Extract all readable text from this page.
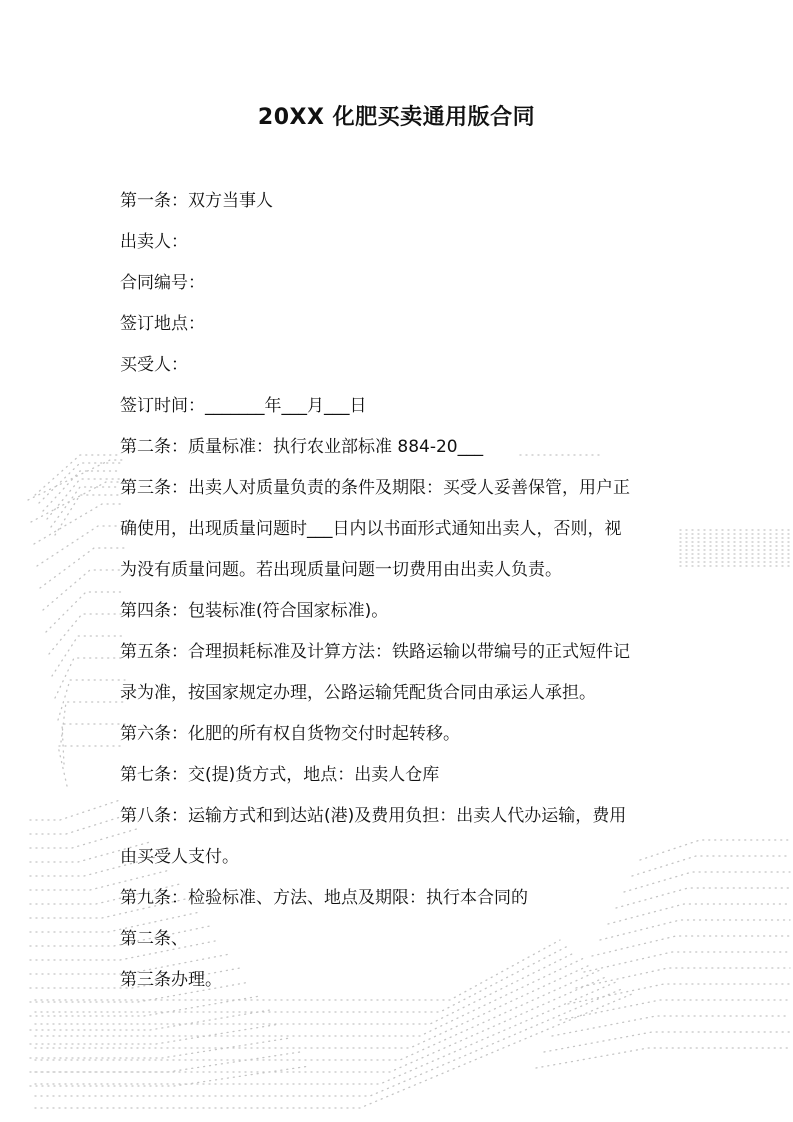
20XX 化肥买卖通用版合同
第一条：双方当事人
出卖人：
合同编号：
签订地点：
买受人：
签订时间：_______年___月___日
第二条：质量标准：执行农业部标准 884-20___
第三条：出卖人对质量负责的条件及期限：买受人妥善保管，用户正
确使用，出现质量问题时___日内以书面形式通知出卖人，否则，视
为没有质量问题。若出现质量问题一切费用由出卖人负责。
第四条：包装标准(符合国家标准)。
第五条：合理损耗标准及计算方法：铁路运输以带编号的正式短件记
录为准，按国家规定办理，公路运输凭配货合同由承运人承担。
第六条：化肥的所有权自货物交付时起转移。
第七条：交(提)货方式，地点：出卖人仓库
第八条：运输方式和到达站(港)及费用负担：出卖人代办运输，费用
由买受人支付。
第九条：检验标准、方法、地点及期限：执行本合同的
第二条、
第三条办理。
